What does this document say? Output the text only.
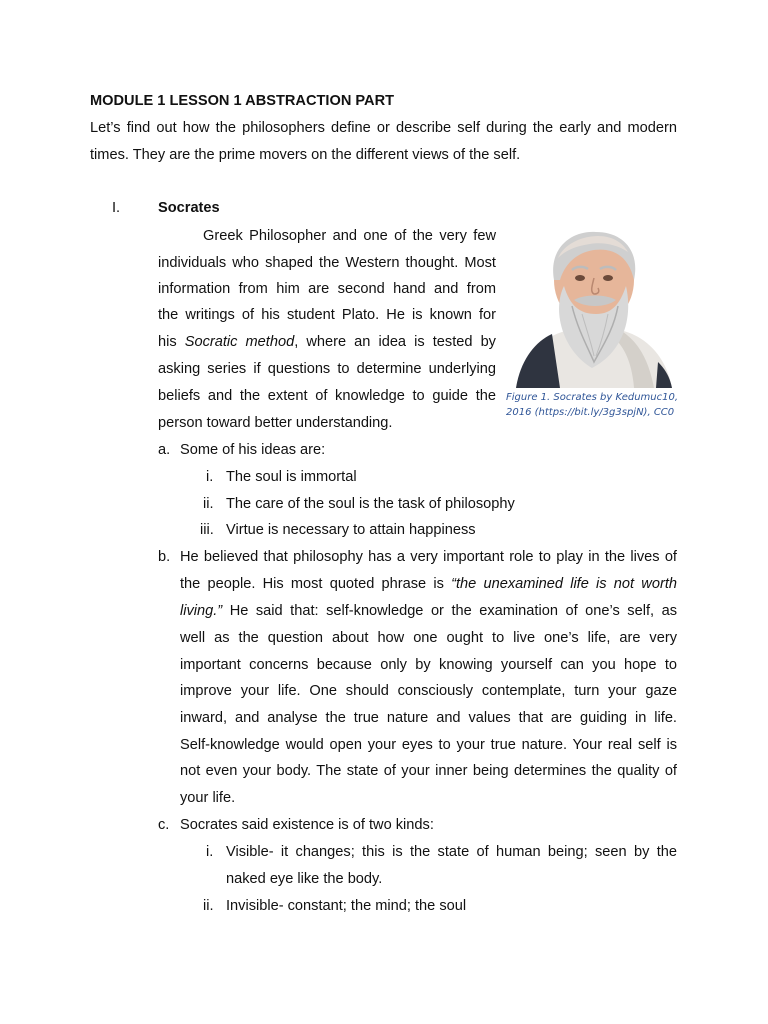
MODULE 1 LESSON 1 ABSTRACTION PART
Let’s find out how the philosophers define or describe self during the early and modern
times. They are the prime movers on the different views of the self.
I.	Socrates
Greek Philosopher and one of the very few
individuals who shaped the Western thought. Most
information from him are second hand and from
the writings of his student Plato. He is known for
his Socratic method, where an idea is tested by
asking series if questions to determine underlying
beliefs and the extent of knowledge to guide the
person toward better understanding.
Figure 1. Socrates by Kedumuc10,
2016 (https://bit.ly/3g3spjN), CC0
a. Some of his ideas are:
i. The soul is immortal
ii. The care of the soul is the task of philosophy
iii. Virtue is necessary to attain happiness
b. He believed that philosophy has a very important role to play in the lives of
the people. His most quoted phrase is “the unexamined life is not worth
living.” He said that: self-knowledge or the examination of one’s self, as
well as the question about how one ought to live one’s life, are very
important concerns because only by knowing yourself can you hope to
improve your life. One should consciously contemplate, turn your gaze
inward, and analyse the true nature and values that are guiding in life.
Self-knowledge would open your eyes to your true nature. Your real self is
not even your body. The state of your inner being determines the quality of
your life.
c. Socrates said existence is of two kinds:
i. Visible- it changes; this is the state of human being; seen by the
naked eye like the body.
ii. Invisible- constant; the mind; the soul
